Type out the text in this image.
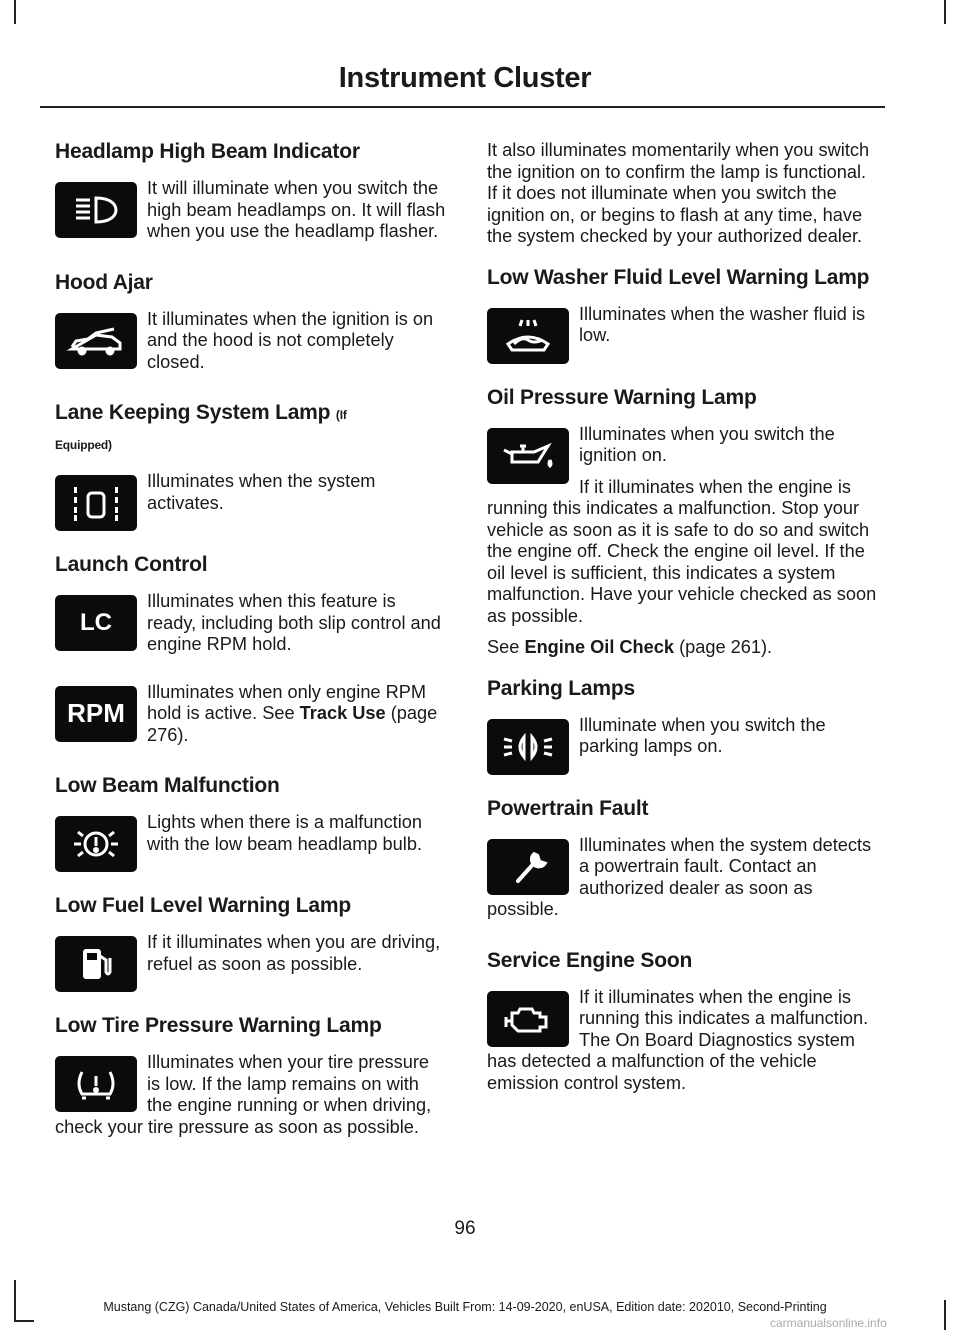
Instrument Cluster
Headlamp High Beam Indicator

It will illuminate when you switch the high beam headlamps on. It will flash when you use the headlamp flasher.

Hood Ajar

It illuminates when the ignition is on and the hood is not completely closed.

Lane Keeping System Lamp (If
Equipped)

Illuminates when the system activates.

Launch Control
LC

Illuminates when this feature is ready, including both slip control and engine RPM hold.

RPM

Illuminates when only engine RPM hold is active. See Track Use (page 276).

Low Beam Malfunction

Lights when there is a malfunction with the low beam headlamp bulb.

Low Fuel Level Warning Lamp

If it illuminates when you are driving, refuel as soon as possible.

Low Tire Pressure Warning Lamp

Illuminates when your tire pressure is low. If the lamp remains on with the engine running or when driving, check your tire pressure as soon as possible.

It also illuminates momentarily when you switch the ignition on to confirm the lamp is functional. If it does not illuminate when you switch the ignition on, or begins to flash at any time, have the system checked by your authorized dealer.

Low Washer Fluid Level Warning Lamp

Illuminates when the washer fluid is low.

Oil Pressure Warning Lamp

Illuminates when you switch the ignition on.

If it illuminates when the engine is running this indicates a malfunction. Stop your vehicle as soon as it is safe to do so and switch the engine off. Check the engine oil level. If the oil level is sufficient, this indicates a system malfunction. Have your vehicle checked as soon as possible.

See Engine Oil Check (page 261).

Parking Lamps

Illuminate when you switch the parking lamps on.

Powertrain Fault

Illuminates when the system detects a powertrain fault. Contact an authorized dealer as soon as possible.

Service Engine Soon

If it illuminates when the engine is running this indicates a malfunction. The On Board Diagnostics system has detected a malfunction of the vehicle emission control system.

96
Mustang (CZG) Canada/United States of America, Vehicles Built From: 14-09-2020, enUSA, Edition date: 202010, Second-Printing
carmanualsonline.info
